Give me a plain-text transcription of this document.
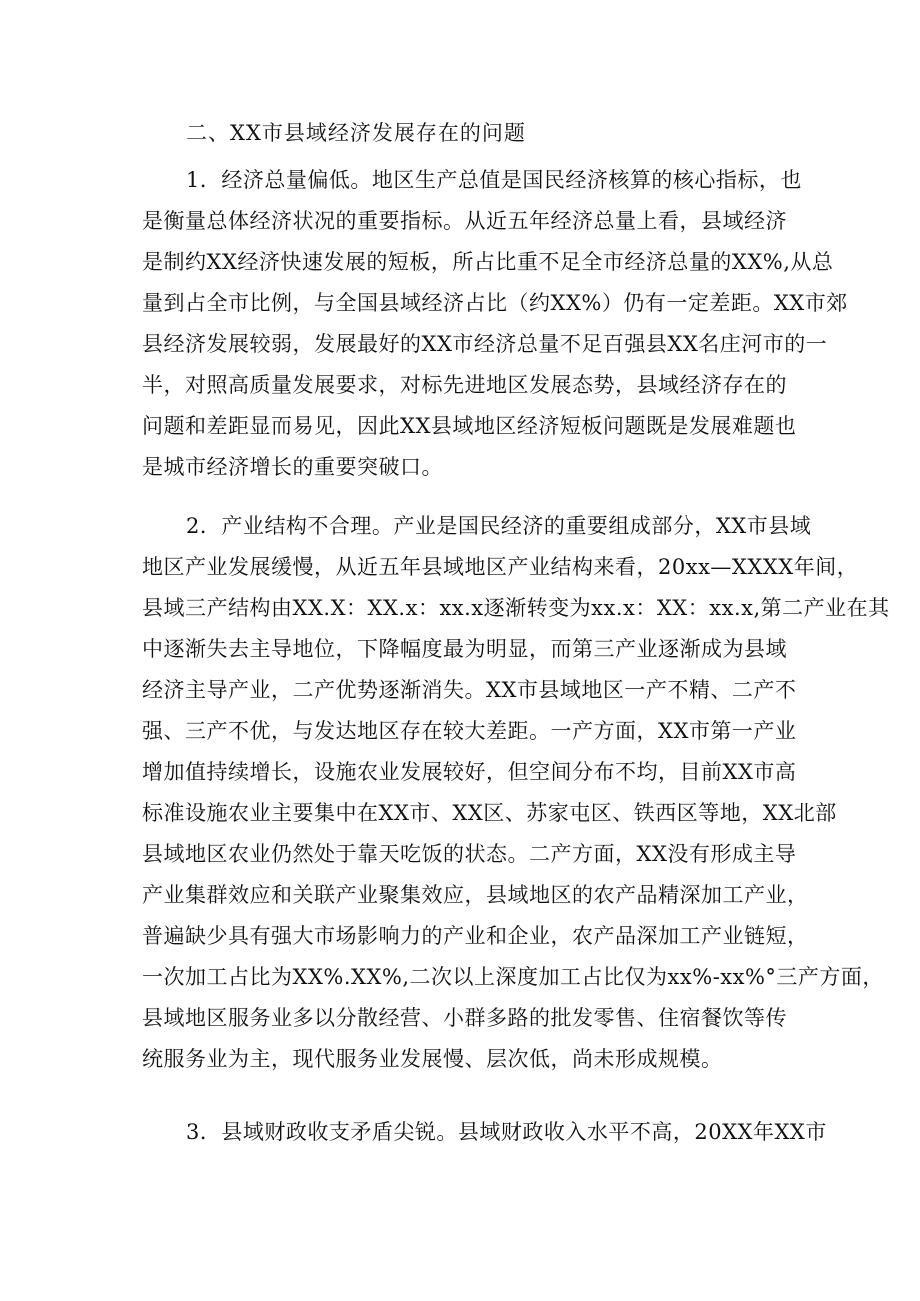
二、XX市县域经济发展存在的问题
1．经济总量偏低。地区生产总值是国民经济核算的核心指标，也
是衡量总体经济状况的重要指标。从近五年经济总量上看，县域经济
是制约XX经济快速发展的短板，所占比重不足全市经济总量的XX%,从总
量到占全市比例，与全国县域经济占比（约XX%）仍有一定差距。XX市郊
县经济发展较弱，发展最好的XX市经济总量不足百强县XX名庄河市的一
半，对照高质量发展要求，对标先进地区发展态势，县域经济存在的
问题和差距显而易见，因此XX县域地区经济短板问题既是发展难题也
是城市经济增长的重要突破口。
2．产业结构不合理。产业是国民经济的重要组成部分，XX市县域
地区产业发展缓慢，从近五年县域地区产业结构来看，20xx—XXXX年间，
县域三产结构由XX.X：XX.x：xx.x逐渐转变为xx.x：XX：xx.x,第二产业在其
中逐渐失去主导地位，下降幅度最为明显，而第三产业逐渐成为县域
经济主导产业，二产优势逐渐消失。XX市县域地区一产不精、二产不
强、三产不优，与发达地区存在较大差距。一产方面，XX市第一产业
增加值持续增长，设施农业发展较好，但空间分布不均，目前XX市高
标准设施农业主要集中在XX市、XX区、苏家屯区、铁西区等地，XX北部
县域地区农业仍然处于靠天吃饭的状态。二产方面，XX没有形成主导
产业集群效应和关联产业聚集效应，县域地区的农产品精深加工产业，
普遍缺少具有强大市场影响力的产业和企业，农产品深加工产业链短，
一次加工占比为XX%.XX%,二次以上深度加工占比仅为xx%-xx%°三产方面，
县域地区服务业多以分散经营、小群多路的批发零售、住宿餐饮等传
统服务业为主，现代服务业发展慢、层次低，尚未形成规模。
3．县域财政收支矛盾尖锐。县域财政收入水平不高，20XX年XX市
